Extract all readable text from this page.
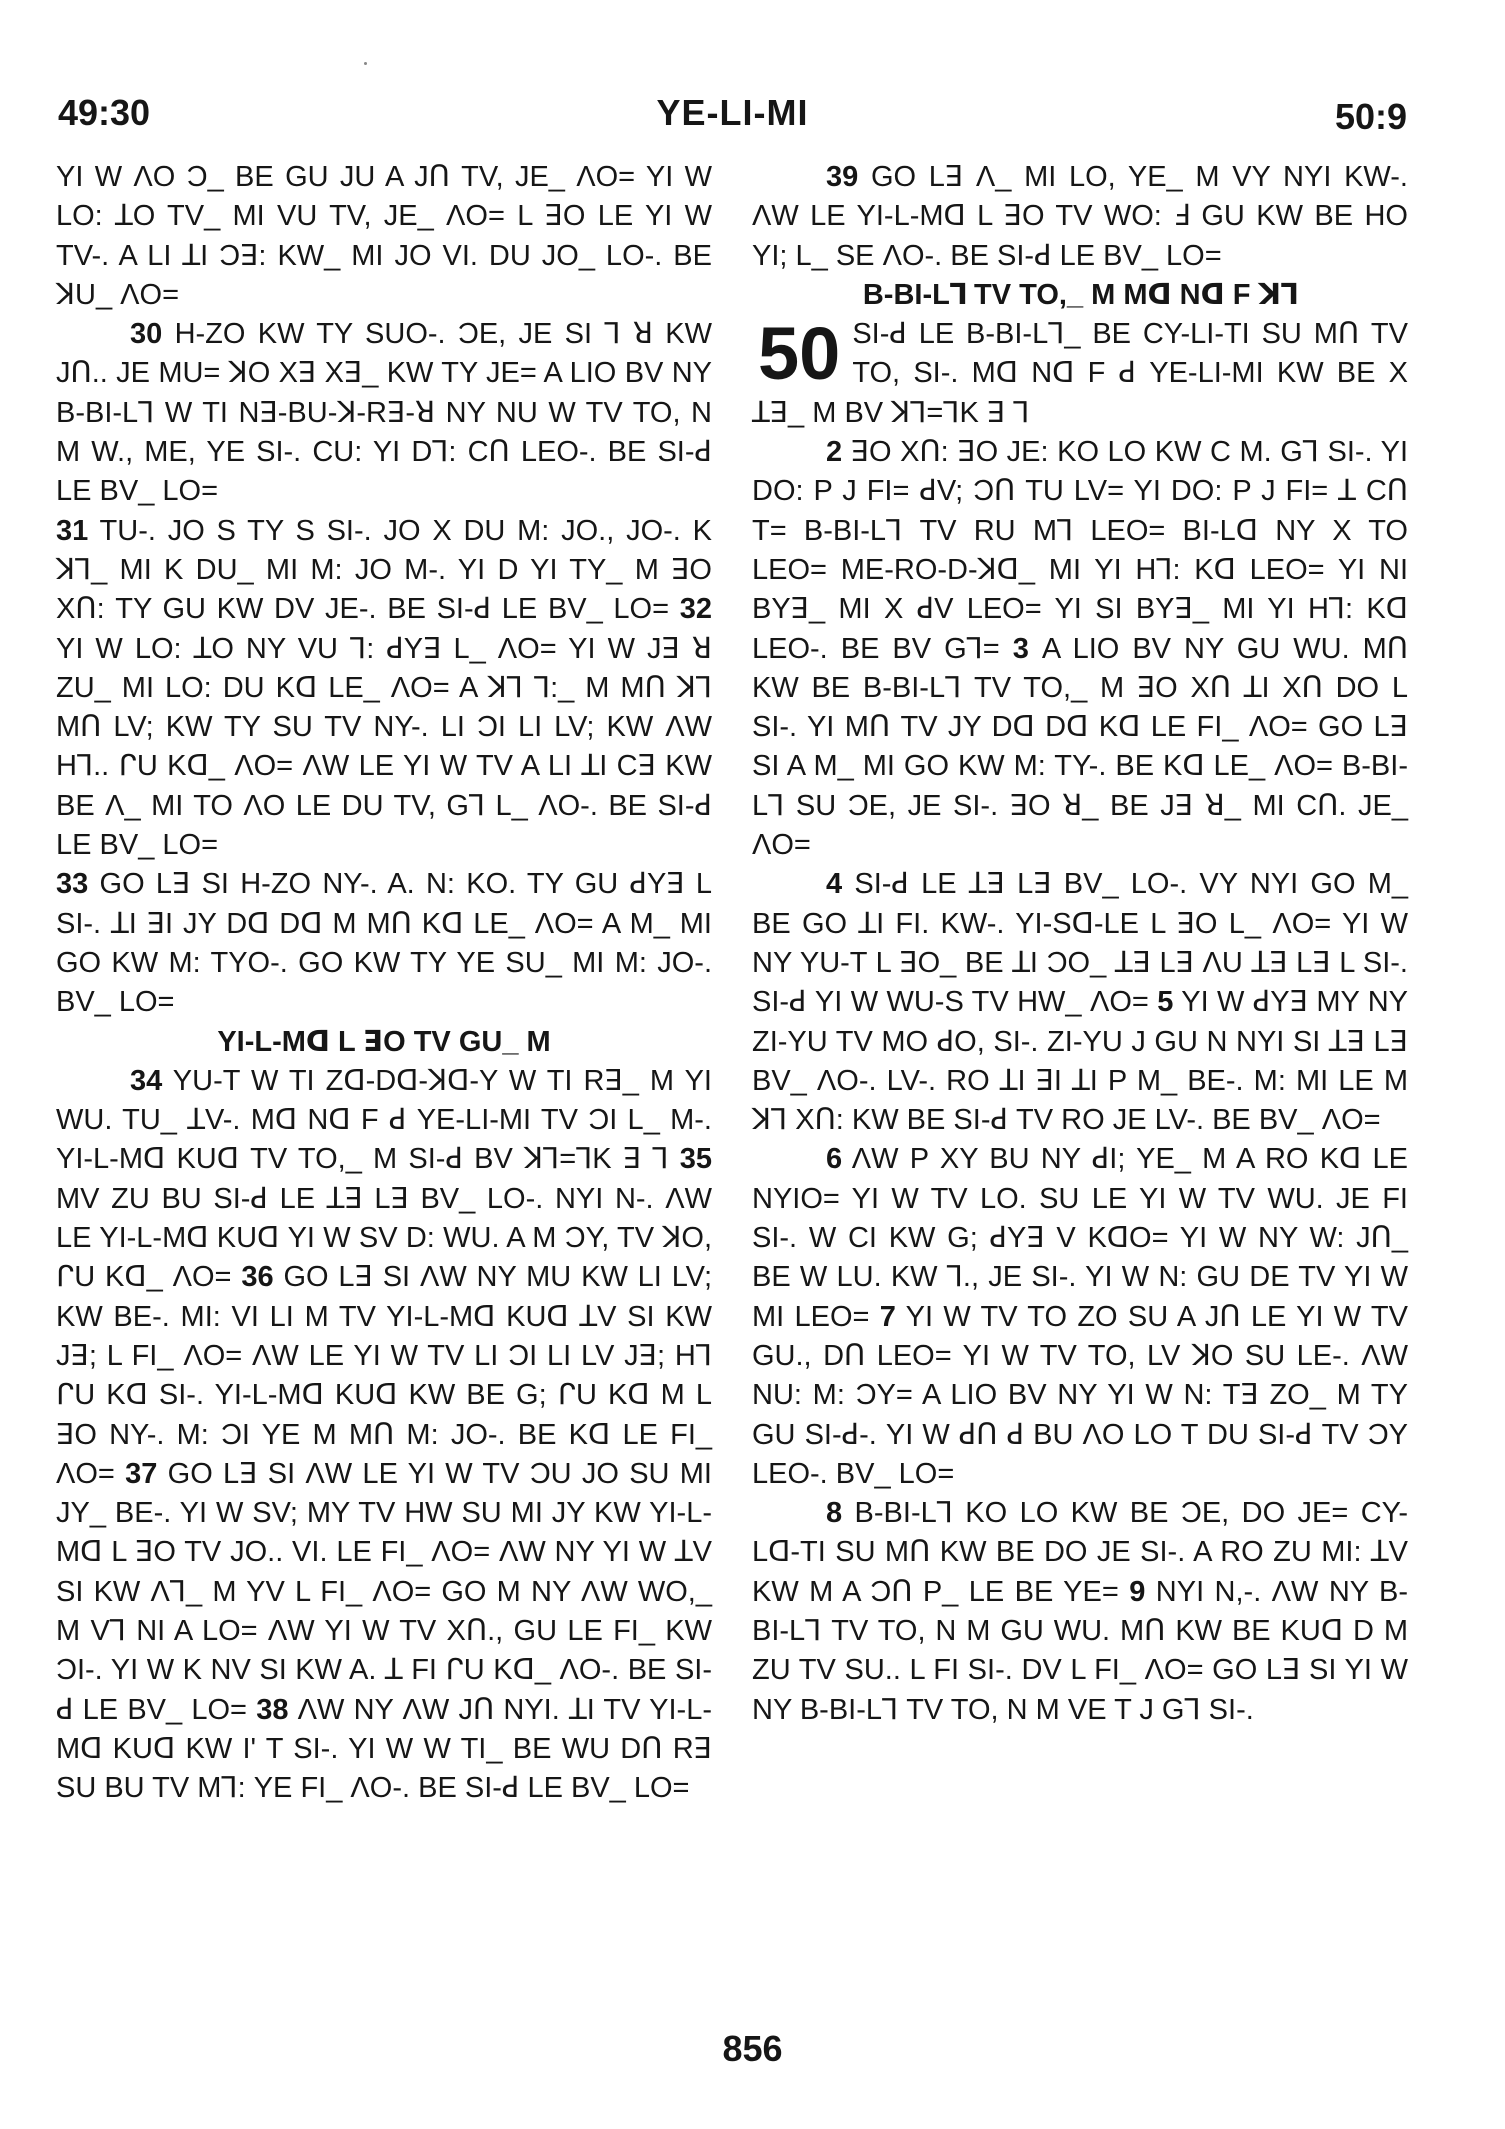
49:30	YE-LI-MI	50:9

YI W ΛO Ͻ_ BE GU JU A JՈ TV, JE_ ΛO= YI W LO: ꓕO TV_ MI VU TV, JE_ ΛO= L ꓱO LE YI W TV-. A LI ꓕI Ͻꓱ: KW_ MI JO VI. DU JO_ LO-. BE ꓘU_ ΛO=

30 H-ZO KW TY SUO-. ϽE, JE SI ꓶ ꓤ KW JՈ.. JE MU= ꓘO Xꓱ Xꓱ_ KW TY JE= A LIO BV NY B-BI-Lꓶ W TI Nꓱ-BU-ꓘ-Rꓱ-ꓤ NY NU W TV TO, N M W., ME, YE SI-. CU: YI Dꓶ: CՈ LEO-. BE SI-ꓒ LE BV_ LO=

31 TU-. JO S TY S SI-. JO X DU M: JO., JO-. K ꓘꓶ_ MI K DU_ MI M: JO M-. YI D YI TY_ M ꓱO XՈ: TY GU KW DV JE-. BE SI-ꓒ LE BV_ LO= 32 YI W LO: ꓕO NY VU ꓶ: ꓒYꓱ L_ ΛO= YI W Jꓱ ꓤ ZU_ MI LO: DU Kꓷ LE_ ΛO= A ꓘꓶ ꓶ:_ M MՈ ꓘꓶ MՈ LV; KW TY SU TV NY-. LI ϽI LI LV; KW ΛW Hꓶ.. ᒋU Kꓷ_ ΛO= ΛW LE YI W TV A LI ꓕI Cꓱ KW BE Λ_ MI TO ΛO LE DU TV, Gꓶ L_ ΛO-. BE SI-ꓒ LE BV_ LO=

33 GO Lꓱ SI H-ZO NY-. A. N: KO. TY GU ꓒYꓱ L SI-. ꓕI ꓱI JY Dꓷ Dꓷ M MՈ Kꓷ LE_ ΛO= A M_ MI GO KW M: TYO-. GO KW TY YE SU_ MI M: JO-. BV_ LO=

YI-L-Mꓷ L ꓱO TV GU_ M

34 YU-T W TI Zꓷ-Dꓷ-ꓘꓷ-Y W TI Rꓱ_ M YI WU. TU_ ꓕV-. Mꓷ Nꓷ F ꓒ YE-LI-MI TV ϽI L_ M-. YI-L-Mꓷ KUꓷ TV TO,_ M SI-ꓒ BV ꓘꓶ=ꓶK ꓱ ꓶ 35 MV ZU BU SI-ꓒ LE ꓕꓱ Lꓱ BV_ LO-. NYI N-. ΛW LE YI-L-Mꓷ KUꓷ YI W SV D: WU. A M ϽY, TV ꓘO, ᒋU Kꓷ_ ΛO= 36 GO Lꓱ SI ΛW NY MU KW LI LV; KW BE-. MI: VI LI M TV YI-L-Mꓷ KUꓷ ꓕV SI KW Jꓱ; L FI_ ΛO= ΛW LE YI W TV LI ϽI LI LV Jꓱ; Hꓶ ᒋU Kꓷ SI-. YI-L-Mꓷ KUꓷ KW BE G; ᒋU Kꓷ M L ꓱO NY-. M: ϽI YE M MՈ M: JO-. BE Kꓷ LE FI_ ΛO= 37 GO Lꓱ SI ΛW LE YI W TV ϽU JO SU MI JY_ BE-. YI W SV; MY TV HW SU MI JY KW YI-L-Mꓷ L ꓱO TV JO.. VI. LE FI_ ΛO= ΛW NY YI W ꓕV SI KW Λꓶ_ M YV L FI_ ΛO= GO M NY ΛW WO,_ M Vꓶ NI A LO= ΛW YI W TV XՈ., GU LE FI_ KW ϽI-. YI W K NV SI KW A. ꓕ FI ᒋU Kꓷ_ ΛO-. BE SI-ꓒ LE BV_ LO= 38 ΛW NY ΛW JՈ NYI. ꓕI TV YI-L-Mꓷ KUꓷ KW I' T SI-. YI W W TI_ BE WU DՈ Rꓱ SU BU TV Mꓶ: YE FI_ ΛO-. BE SI-ꓒ LE BV_ LO=

39 GO Lꓱ Λ_ MI LO, YE_ M VY NYI KW-. ΛW LE YI-L-Mꓷ L ꓱO TV WO: ꓞ GU KW BE HO YI; L_ SE ΛO-. BE SI-ꓒ LE BV_ LO=

B-BI-Lꓶ TV TO,_ M Mꓷ Nꓷ F ꓘꓶ

50 SI-ꓒ LE B-BI-Lꓶ_ BE CY-LI-TI SU MՈ TV TO, SI-. Mꓷ Nꓷ F ꓒ YE-LI-MI KW BE X ꓕꓱ_ M BV ꓘꓶ=ꓶK ꓱ ꓶ

2 ꓱO XՈ: ꓱO JE: KO LO KW C M. Gꓶ SI-. YI DO: P J FI= ꓒV; ϽՈ TU LV= YI DO: P J FI= ꓕ CՈ T= B-BI-Lꓶ TV RU Mꓶ LEO= BI-Lꓷ NY X TO LEO= ME-RO-D-ꓘꓷ_ MI YI Hꓶ: Kꓷ LEO= YI NI BYꓱ_ MI X ꓒV LEO= YI SI BYꓱ_ MI YI Hꓶ: Kꓷ LEO-. BE BV Gꓶ= 3 A LIO BV NY GU WU. MՈ KW BE B-BI-Lꓶ TV TO,_ M ꓱO XՈ ꓕI XՈ DO L SI-. YI MՈ TV JY Dꓷ Dꓷ Kꓷ LE FI_ ΛO= GO Lꓱ SI A M_ MI GO KW M: TY-. BE Kꓷ LE_ ΛO= B-BI-Lꓶ SU ϽE, JE SI-. ꓱO ꓤ_ BE Jꓱ ꓤ_ MI CՈ. JE_ ΛO=

4 SI-ꓒ LE ꓕꓱ Lꓱ BV_ LO-. VY NYI GO M_ BE GO ꓕI FI. KW-. YI-Sꓷ-LE L ꓱO L_ ΛO= YI W NY YU-T L ꓱO_ BE ꓕI ϽO_ ꓕꓱ Lꓱ ΛU ꓕꓱ Lꓱ L SI-. SI-ꓒ YI W WU-S TV HW_ ΛO= 5 YI W ꓒYꓱ MY NY ZI-YU TV MO ꓒO, SI-. ZI-YU J GU N NYI SI ꓕꓱ Lꓱ BV_ ΛO-. LV-. RO ꓕI ꓱI ꓕI P M_ BE-. M: MI LE M ꓘꓶ XՈ: KW BE SI-ꓒ TV RO JE LV-. BE BV_ ΛO=

6 ΛW P XY BU NY ꓒI; YE_ M A RO Kꓷ LE NYIO= YI W TV LO. SU LE YI W TV WU. JE FI SI-. W CI KW G; ꓒYꓱ V KꓷO= YI W NY W: JՈ_ BE W LU. KW ꓶ., JE SI-. YI W N: GU DE TV YI W MI LEO= 7 YI W TV TO ZO SU A JՈ LE YI W TV GU., DՈ LEO= YI W TV TO, LV ꓘO SU LE-. ΛW NU: M: ϽY= A LIO BV NY YI W N: Tꓱ ZO_ M TY GU SI-ꓒ-. YI W ꓒՈ ꓒ BU ΛO LO T DU SI-ꓒ TV ϽY LEO-. BV_ LO=

8 B-BI-Lꓶ KO LO KW BE ϽE, DO JE= CY-Lꓷ-TI SU MՈ KW BE DO JE SI-. A RO ZU MI: ꓕV KW M A ϽՈ P_ LE BE YE= 9 NYI N,-. ΛW NY B-BI-Lꓶ TV TO, N M GU WU. MՈ KW BE KUꓷ D M ZU TV SU.. L FI SI-. DV L FI_ ΛO= GO Lꓱ SI YI W NY B-BI-Lꓶ TV TO, N M VE T J Gꓶ SI-.

856
